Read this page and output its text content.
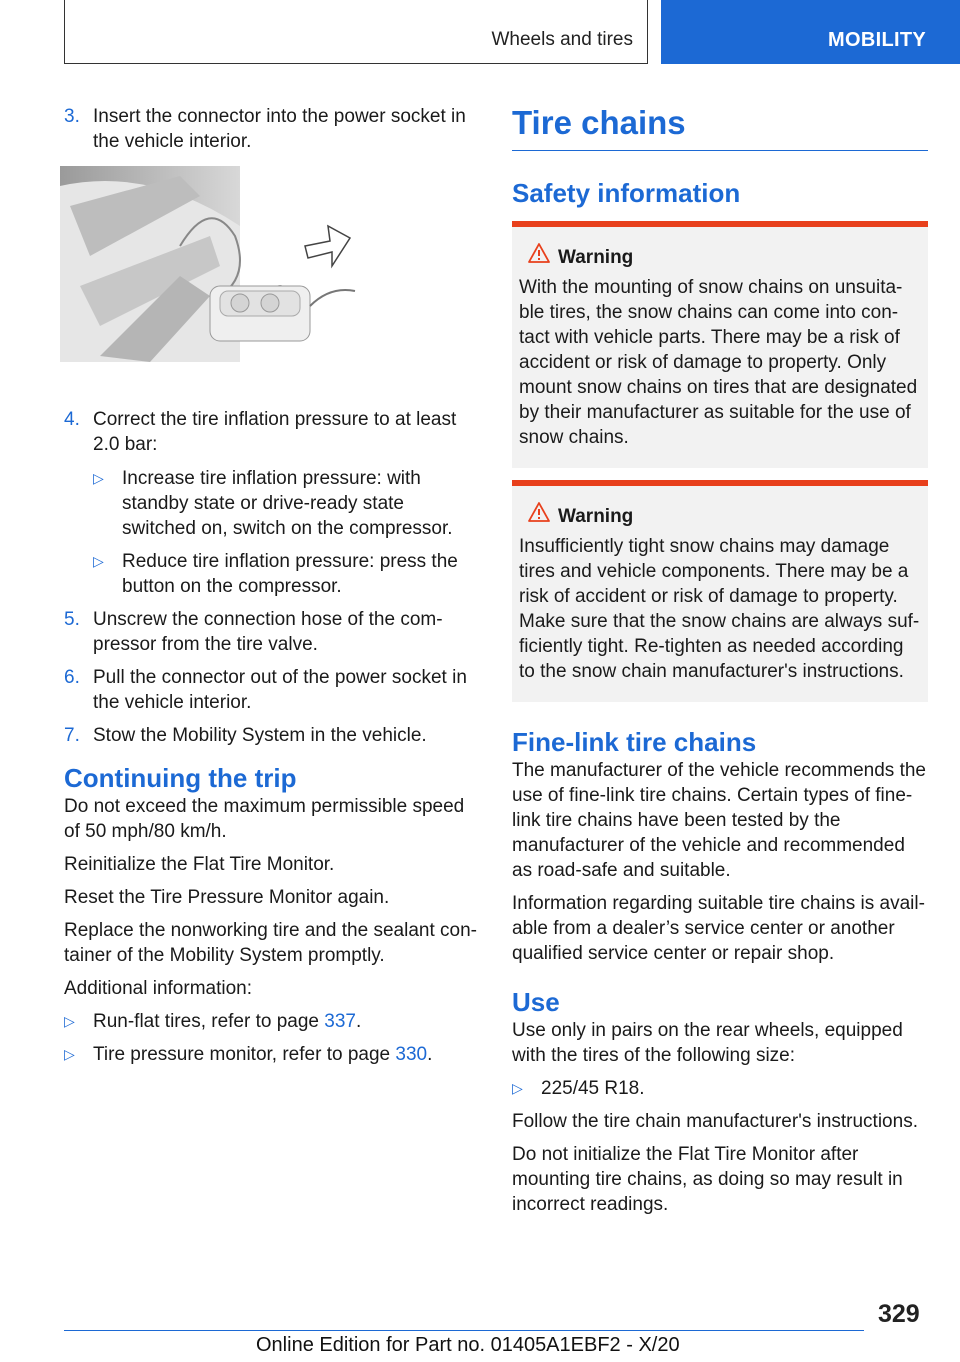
Wheels and tires	MOBILITY
3. Insert the connector into the power socket in the vehicle interior.
4. Correct the tire inflation pressure to at least 2.0 bar:
▷ Increase tire inflation pressure: with standby state or drive-ready state switched on, switch on the compressor.
▷ Reduce tire inflation pressure: press the button on the compressor.
5. Unscrew the connection hose of the com-pressor from the tire valve.
6. Pull the connector out of the power socket in the vehicle interior.
7. Stow the Mobility System in the vehicle.
Continuing the trip

Do not exceed the maximum permissible speed of 50 mph/80 km/h.

Reinitialize the Flat Tire Monitor.

Reset the Tire Pressure Monitor again.

Replace the nonworking tire and the sealant con-tainer of the Mobility System promptly.

Additional information:

▷ Run-flat tires, refer to page 337.
▷ Tire pressure monitor, refer to page 330.
Tire chains
Safety information
Warning

With the mounting of snow chains on unsuita-ble tires, the snow chains can come into con-tact with vehicle parts. There may be a risk of accident or risk of damage to property. Only mount snow chains on tires that are designated by their manufacturer as suitable for the use of snow chains.

Warning

Insufficiently tight snow chains may damage tires and vehicle components. There may be a risk of accident or risk of damage to property. Make sure that the snow chains are always suf-ficiently tight. Re-tighten as needed according to the snow chain manufacturer's instructions.

Fine-link tire chains

The manufacturer of the vehicle recommends the use of fine-link tire chains. Certain types of fine-link tire chains have been tested by the manufacturer of the vehicle and recommended as road-safe and suitable.

Information regarding suitable tire chains is avail-able from a dealer’s service center or another qualified service center or repair shop.

Use

Use only in pairs on the rear wheels, equipped with the tires of the following size:

▷ 225/45 R18.

Follow the tire chain manufacturer's instructions.

Do not initialize the Flat Tire Monitor after mounting tire chains, as doing so may result in incorrect readings.

329
Online Edition for Part no. 01405A1EBF2 - X/20
